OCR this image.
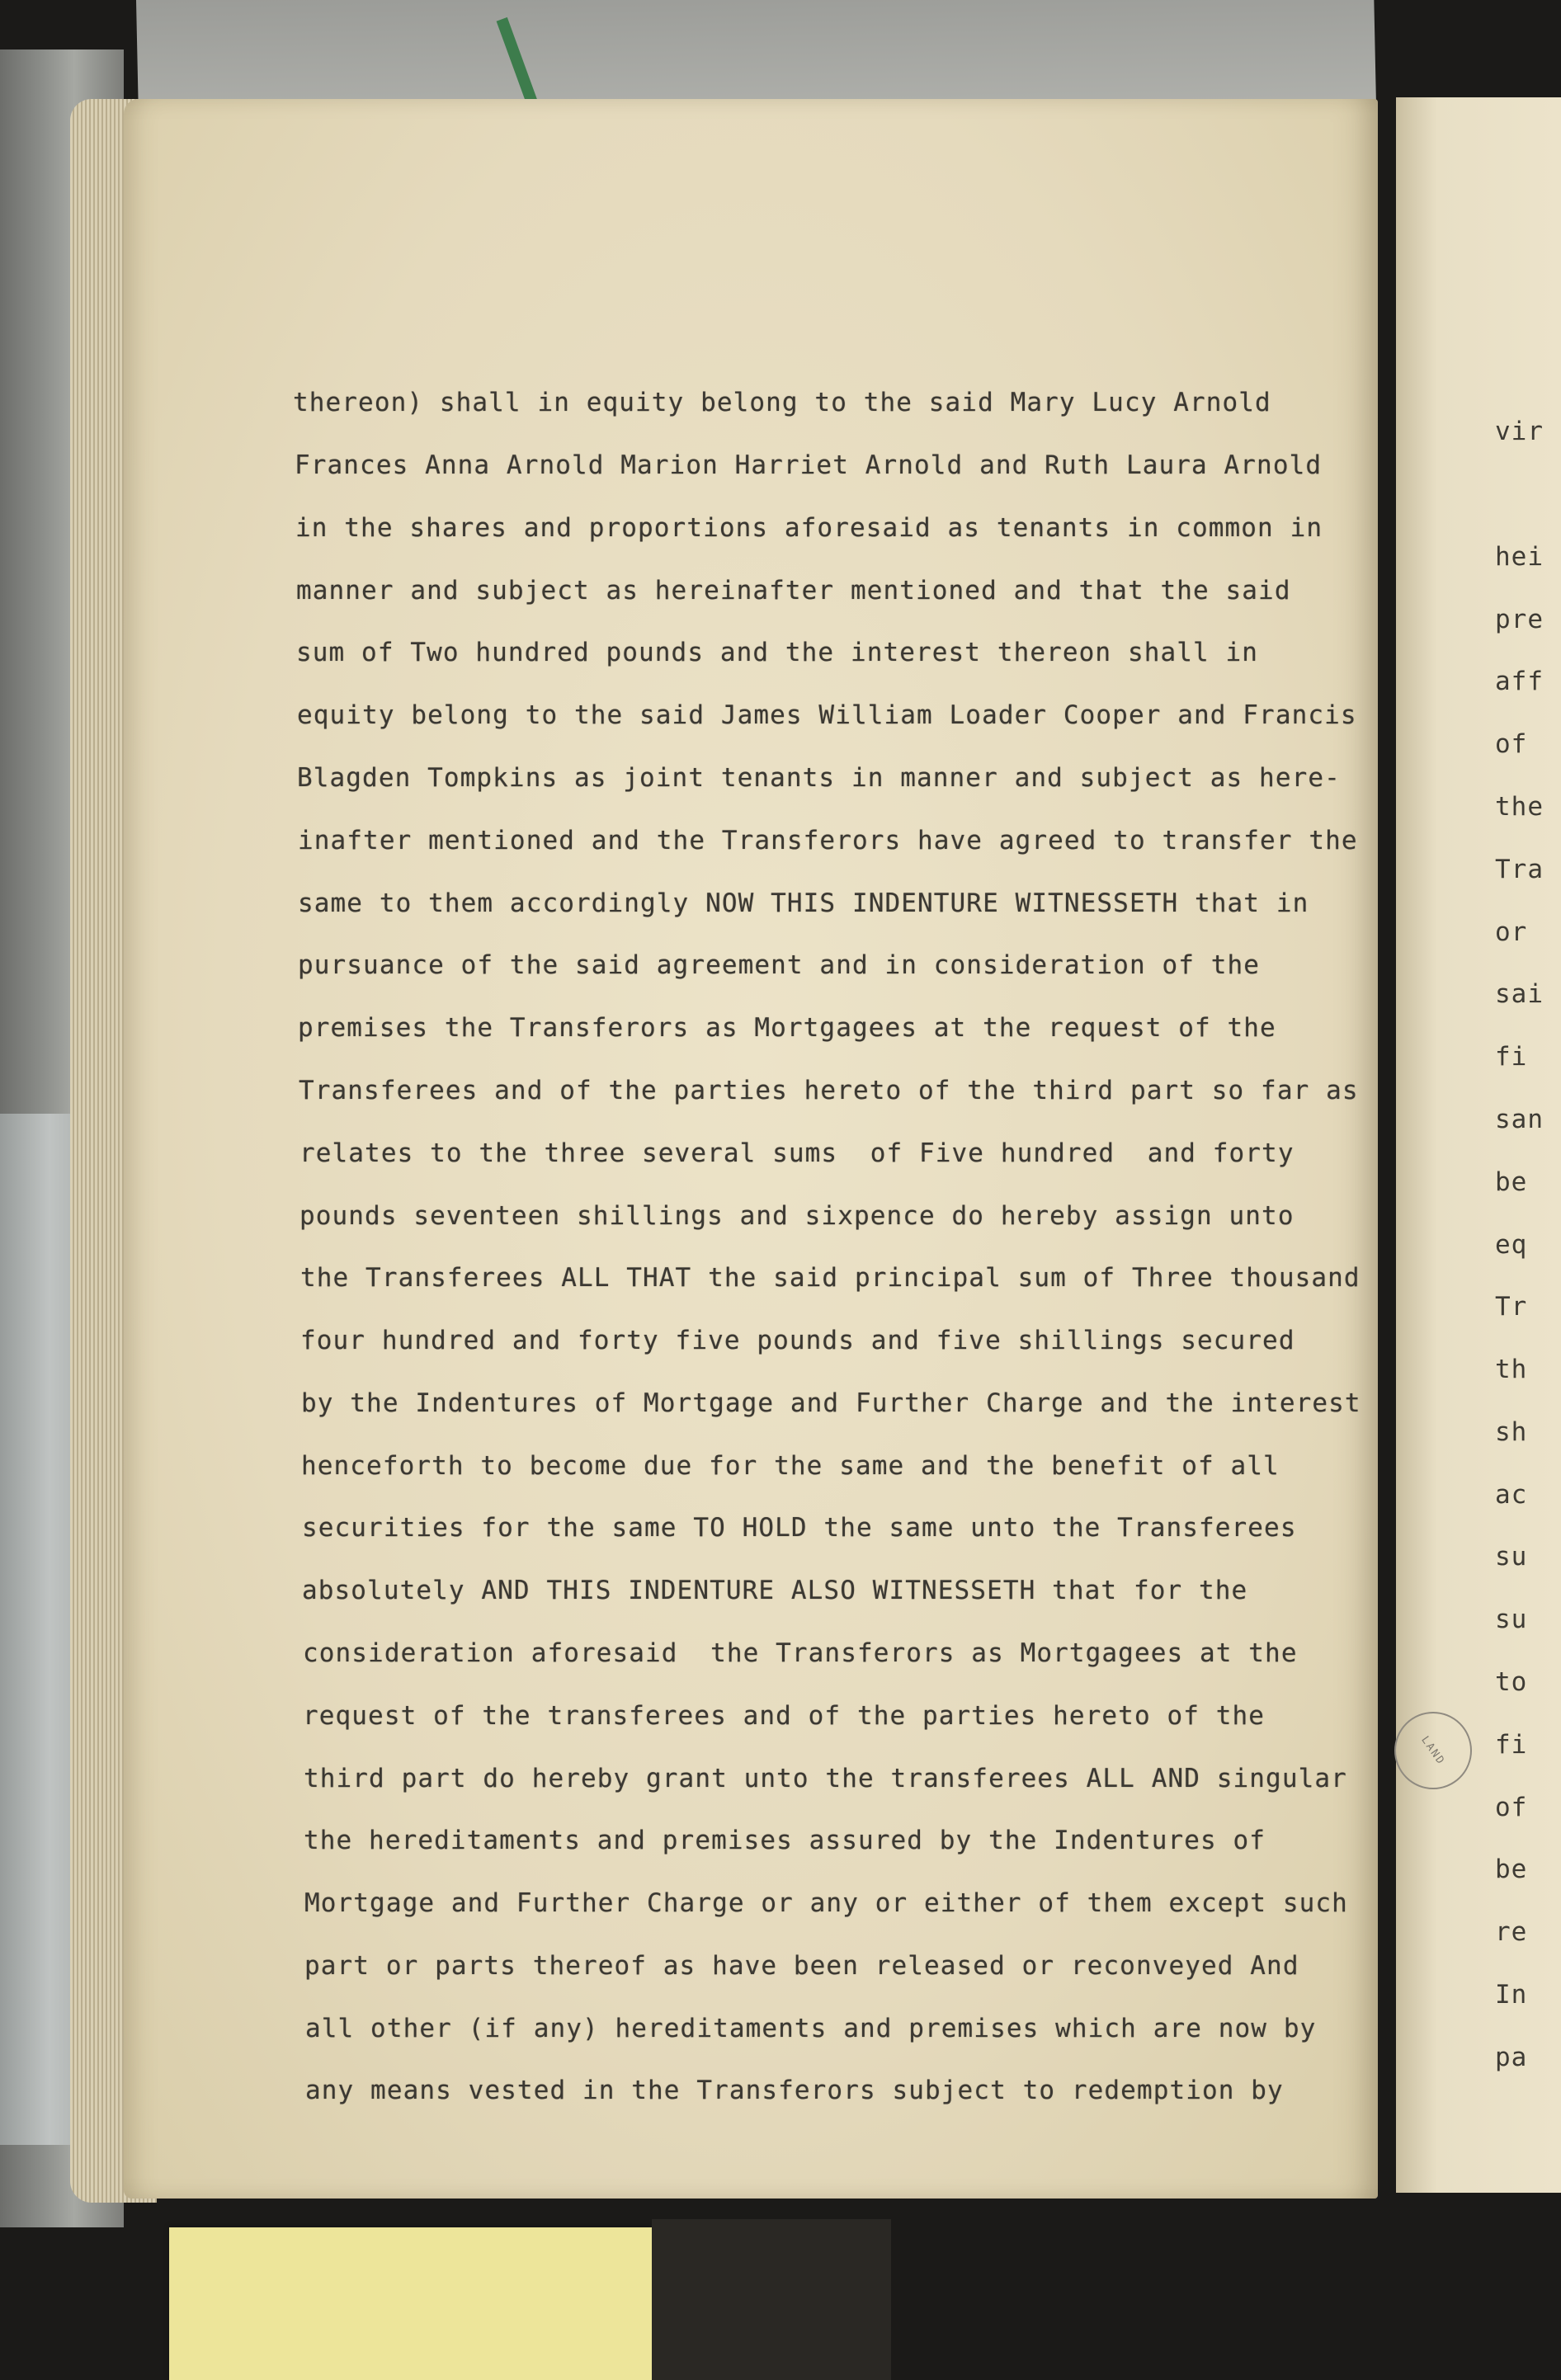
thereon) shall in equity belong to the said Mary Lucy Arnold
Frances Anna Arnold Marion Harriet Arnold and Ruth Laura Arnold
in the shares and proportions aforesaid as tenants in common in
manner and subject as hereinafter mentioned and that the said
sum of Two hundred pounds and the interest thereon shall in
equity belong to the said James William Loader Cooper and Francis
Blagden Tompkins as joint tenants in manner and subject as here-
inafter mentioned and the Transferors have agreed to transfer the
same to them accordingly NOW THIS INDENTURE WITNESSETH that in
pursuance of the said agreement and in consideration of the
premises the Transferors as Mortgagees at the request of the
Transferees and of the parties hereto of the third part so far as
relates to the three several sums  of Five hundred  and forty
pounds seventeen shillings and sixpence do hereby assign unto
the Transferees ALL THAT the said principal sum of Three thousand
four hundred and forty five pounds and five shillings secured
by the Indentures of Mortgage and Further Charge and the interest
henceforth to become due for the same and the benefit of all
securities for the same TO HOLD the same unto the Transferees
absolutely AND THIS INDENTURE ALSO WITNESSETH that for the
consideration aforesaid  the Transferors as Mortgagees at the
request of the transferees and of the parties hereto of the
third part do hereby grant unto the transferees ALL AND singular
the hereditaments and premises assured by the Indentures of
Mortgage and Further Charge or any or either of them except such
part or parts thereof as have been released or reconveyed And
all other (if any) hereditaments and premises which are now by
any means vested in the Transferors subject to redemption by
vir
hei
pre
aff
of
the
Tra
or
sai
fi
san
be
eq
Tr
th
sh
ac
su
su
to
fi
of
be
re
In
pa
LAND
